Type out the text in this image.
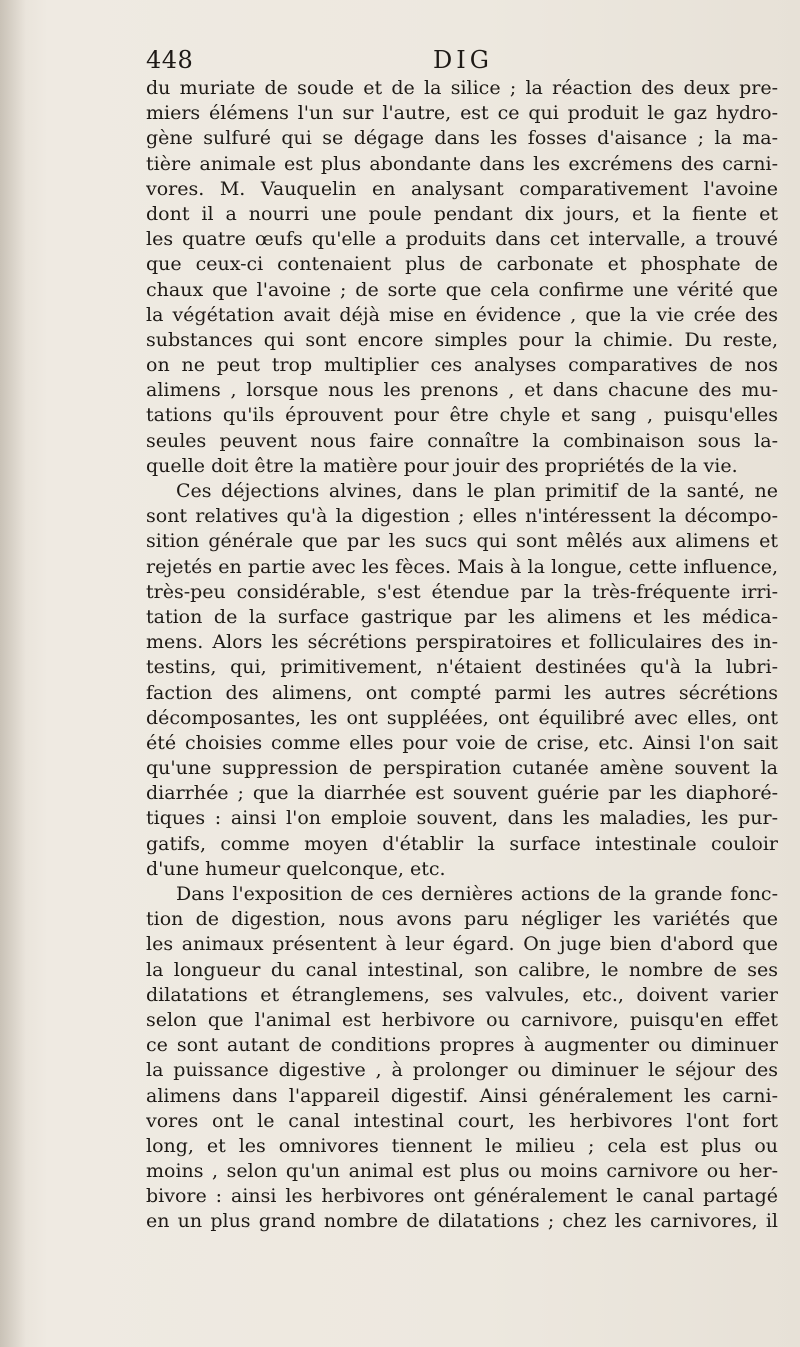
448	DIG
du muriate de soude et de la silice ; la réaction des deux pre-
miers élémens l'un sur l'autre, est ce qui produit le gaz hydro-
gène sulfuré qui se dégage dans les fosses d'aisance ; la ma-
tière animale est plus abondante dans les excrémens des carni-
vores. M. Vauquelin en analysant comparativement l'avoine
dont il a nourri une poule pendant dix jours, et la fiente et
les quatre œufs qu'elle a produits dans cet intervalle, a trouvé
que ceux-ci contenaient plus de carbonate et phosphate de
chaux que l'avoine ; de sorte que cela confirme une vérité que
la végétation avait déjà mise en évidence , que la vie crée des
substances qui sont encore simples pour la chimie. Du reste,
on ne peut trop multiplier ces analyses comparatives de nos
alimens , lorsque nous les prenons , et dans chacune des mu-
tations qu'ils éprouvent pour être chyle et sang , puisqu'elles
seules peuvent nous faire connaître la combinaison sous la-
quelle doit être la matière pour jouir des propriétés de la vie.
Ces déjections alvines, dans le plan primitif de la santé, ne
sont relatives qu'à la digestion ; elles n'intéressent la décompo-
sition générale que par les sucs qui sont mêlés aux alimens et
rejetés en partie avec les fèces. Mais à la longue, cette influence,
très-peu considérable, s'est étendue par la très-fréquente irri-
tation de la surface gastrique par les alimens et les médica-
mens. Alors les sécrétions perspiratoires et folliculaires des in-
testins, qui, primitivement, n'étaient destinées qu'à la lubri-
faction des alimens, ont compté parmi les autres sécrétions
décomposantes, les ont suppléées, ont équilibré avec elles, ont
été choisies comme elles pour voie de crise, etc. Ainsi l'on sait
qu'une suppression de perspiration cutanée amène souvent la
diarrhée ; que la diarrhée est souvent guérie par les diaphoré-
tiques : ainsi l'on emploie souvent, dans les maladies, les pur-
gatifs, comme moyen d'établir la surface intestinale couloir
d'une humeur quelconque, etc.
Dans l'exposition de ces dernières actions de la grande fonc-
tion de digestion, nous avons paru négliger les variétés que
les animaux présentent à leur égard. On juge bien d'abord que
la longueur du canal intestinal, son calibre, le nombre de ses
dilatations et étranglemens, ses valvules, etc., doivent varier
selon que l'animal est herbivore ou carnivore, puisqu'en effet
ce sont autant de conditions propres à augmenter ou diminuer
la puissance digestive , à prolonger ou diminuer le séjour des
alimens dans l'appareil digestif. Ainsi généralement les carni-
vores ont le canal intestinal court, les herbivores l'ont fort
long, et les omnivores tiennent le milieu ; cela est plus ou
moins , selon qu'un animal est plus ou moins carnivore ou her-
bivore : ainsi les herbivores ont généralement le canal partagé
en un plus grand nombre de dilatations ; chez les carnivores, il
